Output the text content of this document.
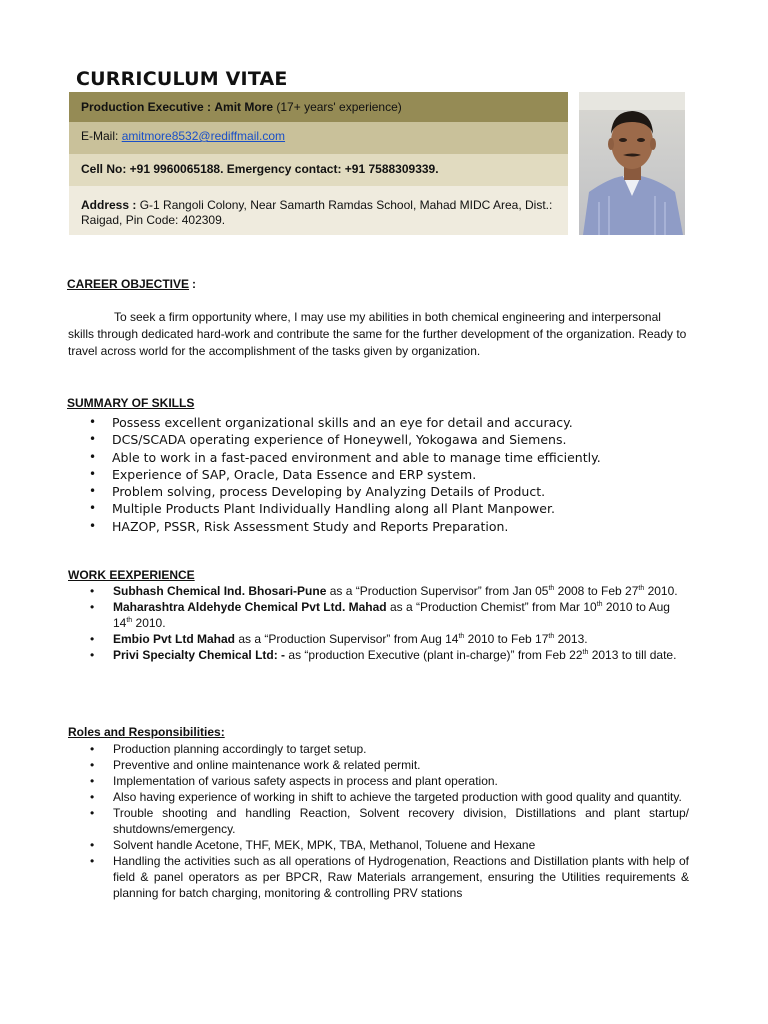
CURRICULUM VITAE
Production Executive : Amit More (17+ years' experience)
E-Mail: amitmore8532@rediffmail.com
Cell No: +91 9960065188. Emergency contact: +91 7588309339.
Address : G-1 Rangoli Colony, Near Samarth Ramdas School, Mahad MIDC Area, Dist.: Raigad, Pin Code: 402309.
CAREER OBJECTIVE :
To seek a firm opportunity where, I may use my abilities in both chemical engineering and interpersonal skills through dedicated hard-work and contribute the same for the further development of the organization. Ready to travel across world for the accomplishment of the tasks given by organization.
SUMMARY OF SKILLS
• Possess excellent organizational skills and an eye for detail and accuracy.
• DCS/SCADA operating experience of Honeywell, Yokogawa and Siemens.
• Able to work in a fast-paced environment and able to manage time efficiently.
• Experience of SAP, Oracle, Data Essence and ERP system.
• Problem solving, process Developing by Analyzing Details of Product.
• Multiple Products Plant Individually Handling along all Plant Manpower.
• HAZOP, PSSR, Risk Assessment Study and Reports Preparation.
WORK EEXPERIENCE
• Subhash Chemical Ind. Bhosari-Pune as a “Production Supervisor” from Jan 05th 2008 to Feb 27th 2010.
• Maharashtra Aldehyde Chemical Pvt Ltd. Mahad as a “Production Chemist” from Mar 10th 2010 to Aug 14th 2010.
• Embio Pvt Ltd Mahad as a “Production Supervisor” from Aug 14th 2010 to Feb 17th 2013.
• Privi Specialty Chemical Ltd: - as “production Executive (plant in-charge)” from Feb 22th 2013 to till date.
Roles and Responsibilities:
• Production planning accordingly to target setup.
• Preventive and online maintenance work & related permit.
• Implementation of various safety aspects in process and plant operation.
• Also having experience of working in shift to achieve the targeted production with good quality and quantity.
• Trouble shooting and handling Reaction, Solvent recovery division, Distillations and plant startup/ shutdowns/emergency.
• Solvent handle Acetone, THF, MEK, MPK, TBA, Methanol, Toluene and Hexane
• Handling the activities such as all operations of Hydrogenation, Reactions and Distillation plants with help of field & panel operators as per BPCR, Raw Materials arrangement, ensuring the Utilities requirements & planning for batch charging, monitoring & controlling PRV stations
